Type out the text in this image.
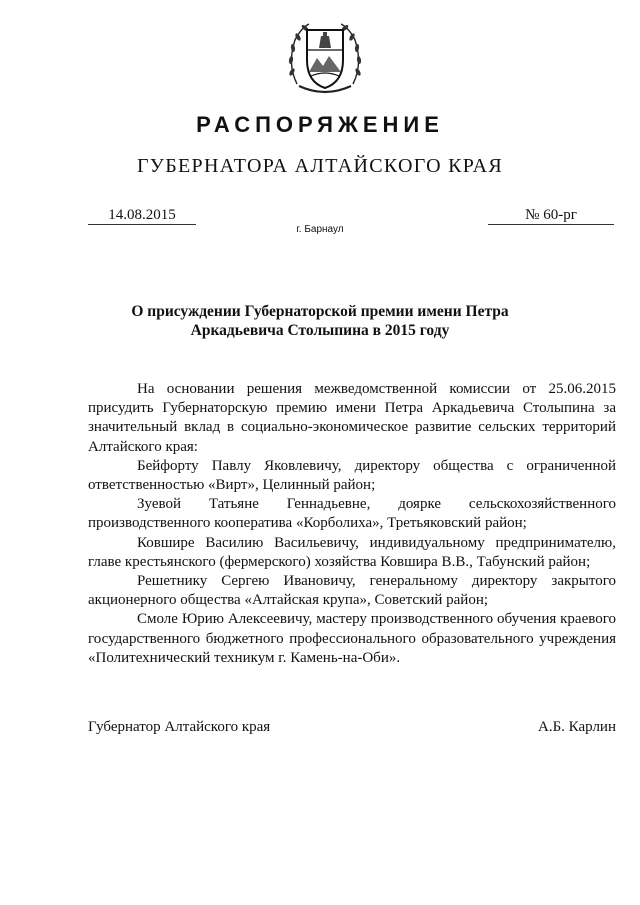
РАСПОРЯЖЕНИЕ
ГУБЕРНАТОРА АЛТАЙСКОГО КРАЯ
14.08.2015	№ 60-рг
г. Барнаул
О присуждении Губернаторской премии имени Петра Аркадьевича Столыпина в 2015 году

На основании решения межведомственной комиссии от 25.06.2015 присудить Губернаторскую премию имени Петра Аркадьевича Столыпина за значительный вклад в социально-экономическое развитие сельских территорий Алтайского края:

Бейфорту Павлу Яковлевичу, директору общества с ограниченной ответственностью «Вирт», Целинный район;

Зуевой Татьяне Геннадьевне, доярке сельскохозяйственного производственного кооператива «Корболиха», Третьяковский район;

Ковшире Василию Васильевичу, индивидуальному предпринимателю, главе крестьянского (фермерского) хозяйства Ковшира В.В., Табунский район;

Решетнику Сергею Ивановичу, генеральному директору закрытого акционерного общества «Алтайская крупа», Советский район;

Смоле Юрию Алексеевичу, мастеру производственного обучения краевого государственного бюджетного профессионального образовательного учреждения «Политехнический техникум г. Камень-на-Оби».

Губернатор Алтайского края	А.Б. Карлин
